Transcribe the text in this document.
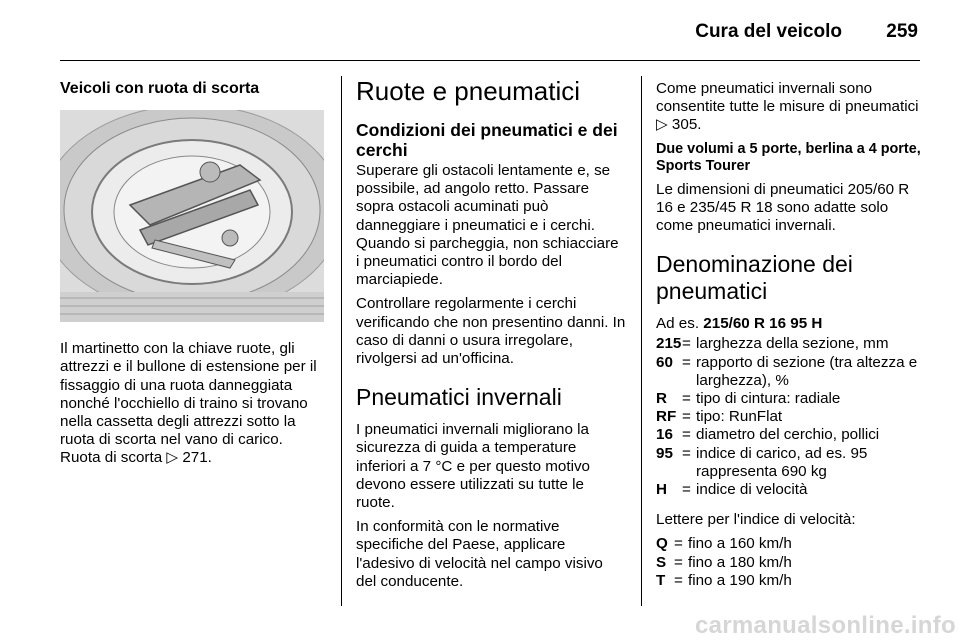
Cura del veicolo 259
Veicoli con ruota di scorta

Il martinetto con la chiave ruote, gli attrezzi e il bullone di estensione per il fissaggio di una ruota danneggiata nonché l'occhiello di traino si trovano nella cassetta degli attrezzi sotto la ruota di scorta nel vano di carico.

Ruota di scorta ▷ 271.

Ruote e pneumatici
Condizioni dei pneumatici e dei cerchi

Superare gli ostacoli lentamente e, se possibile, ad angolo retto. Passare sopra ostacoli acuminati può danneggiare i pneumatici e i cerchi. Quando si parcheggia, non schiacciare i pneumatici contro il bordo del marciapiede.

Controllare regolarmente i cerchi verificando che non presentino danni. In caso di danni o usura irregolare, rivolgersi ad un'officina.

Pneumatici invernali

I pneumatici invernali migliorano la sicurezza di guida a temperature inferiori a 7 °C e per questo motivo devono essere utilizzati su tutte le ruote.

In conformità con le normative specifiche del Paese, applicare l'adesivo di velocità nel campo visivo del conducente.

Come pneumatici invernali sono consentite tutte le misure di pneumatici ▷ 305.

Due volumi a 5 porte, berlina a 4 porte, Sports Tourer

Le dimensioni di pneumatici 205/60 R 16 e 235/45 R 18 sono adatte solo come pneumatici invernali.

Denominazione dei pneumatici

Ad es. 215/60 R 16 95 H

215 = larghezza della sezione, mm
60 = rapporto di sezione (tra altezza e larghezza), %
R = tipo di cintura: radiale
RF = tipo: RunFlat
16 = diametro del cerchio, pollici
95 = indice di carico, ad es. 95 rappresenta 690 kg
H = indice di velocità

Lettere per l'indice di velocità:

Q = fino a 160 km/h
S = fino a 180 km/h
T = fino a 190 km/h
carmanualsonline.info
